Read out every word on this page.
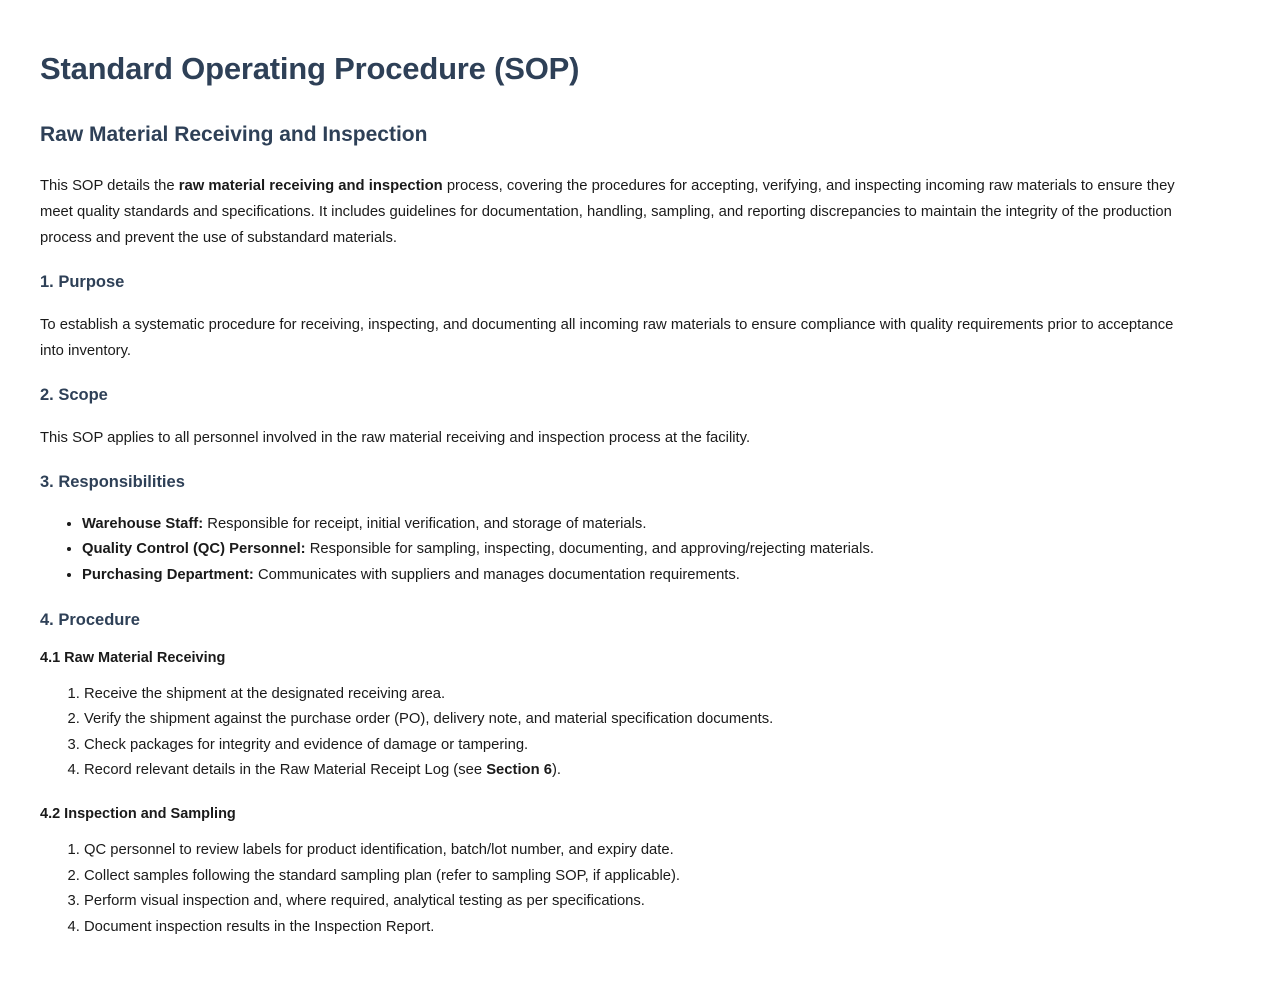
Standard Operating Procedure (SOP)
Raw Material Receiving and Inspection

This SOP details the raw material receiving and inspection process, covering the procedures for accepting, verifying, and inspecting incoming raw materials to ensure they meet quality standards and specifications. It includes guidelines for documentation, handling, sampling, and reporting discrepancies to maintain the integrity of the production process and prevent the use of substandard materials.

1. Purpose

To establish a systematic procedure for receiving, inspecting, and documenting all incoming raw materials to ensure compliance with quality requirements prior to acceptance into inventory.

2. Scope

This SOP applies to all personnel involved in the raw material receiving and inspection process at the facility.

3. Responsibilities
• Warehouse Staff: Responsible for receipt, initial verification, and storage of materials.
• Quality Control (QC) Personnel: Responsible for sampling, inspecting, documenting, and approving/rejecting materials.
• Purchasing Department: Communicates with suppliers and manages documentation requirements.
4. Procedure
4.1 Raw Material Receiving
1. Receive the shipment at the designated receiving area.
2. Verify the shipment against the purchase order (PO), delivery note, and material specification documents.
3. Check packages for integrity and evidence of damage or tampering.
4. Record relevant details in the Raw Material Receipt Log (see Section 6).
4.2 Inspection and Sampling
1. QC personnel to review labels for product identification, batch/lot number, and expiry date.
2. Collect samples following the standard sampling plan (refer to sampling SOP, if applicable).
3. Perform visual inspection and, where required, analytical testing as per specifications.
4. Document inspection results in the Inspection Report.
